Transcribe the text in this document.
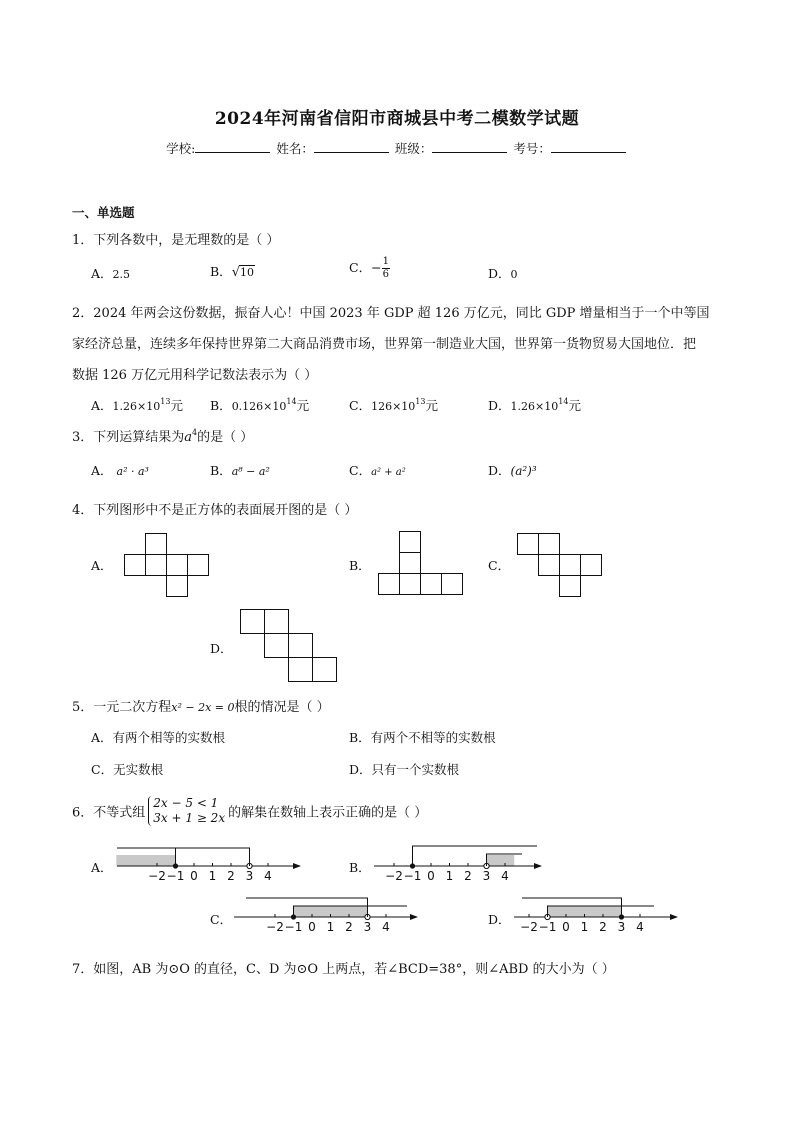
2024年河南省信阳市商城县中考二模数学试题
学校:	姓名：	班级：	考号：
一、单选题
1．下列各数中，是无理数的是（ ）
A．2.5	B．√10	C．− $\frac{1}{6}$	D．0
2．2024 年两会这份数据，振奋人心！中国 2023 年 GDP 超 126 万亿元，同比 GDP 增量相当于一个中等国
家经济总量，连续多年保持世界第二大商品消费市场，世界第一制造业大国，世界第一货物贸易大国地位．把
数据 126 万亿元用科学记数法表示为（ ）
A．$1.26\times 10^{13}$元 B．$0.126\times 10^{14}$元	C．$126\times 10^{13}$元	D．$1.26\times 10^{14}$元
3．下列运算结果为$a^4$的是（ ）
A． a² · a³	B．a⁸ − a²	C．a² + a²	D．(a²)³
4．下列图形中不是正方体的表面展开图的是（ ）
A．	B．	C．
D．
5．一元二次方程x² − 2x = 0根的情况是（ ）
A．有两个相等的实数根	B．有两个不相等的实数根
C．无实数根	D．只有一个实数根
6．不等式组
2x − 5 < 1
3x + 1 ≥ 2x 的解集在数轴上表示正确的是（ ）
A．
−2 −1 0 1 2 3 4
B．
−2 −1 0 1 2 3 4
C．	−2 −1 0 1 2 3 4	D． −2 −1 0 1 2 3 4
7．如图，AB 为⊙O 的直径，C、D 为⊙O 上两点，若∠BCD=38°，则∠ABD 的大小为（ ）
